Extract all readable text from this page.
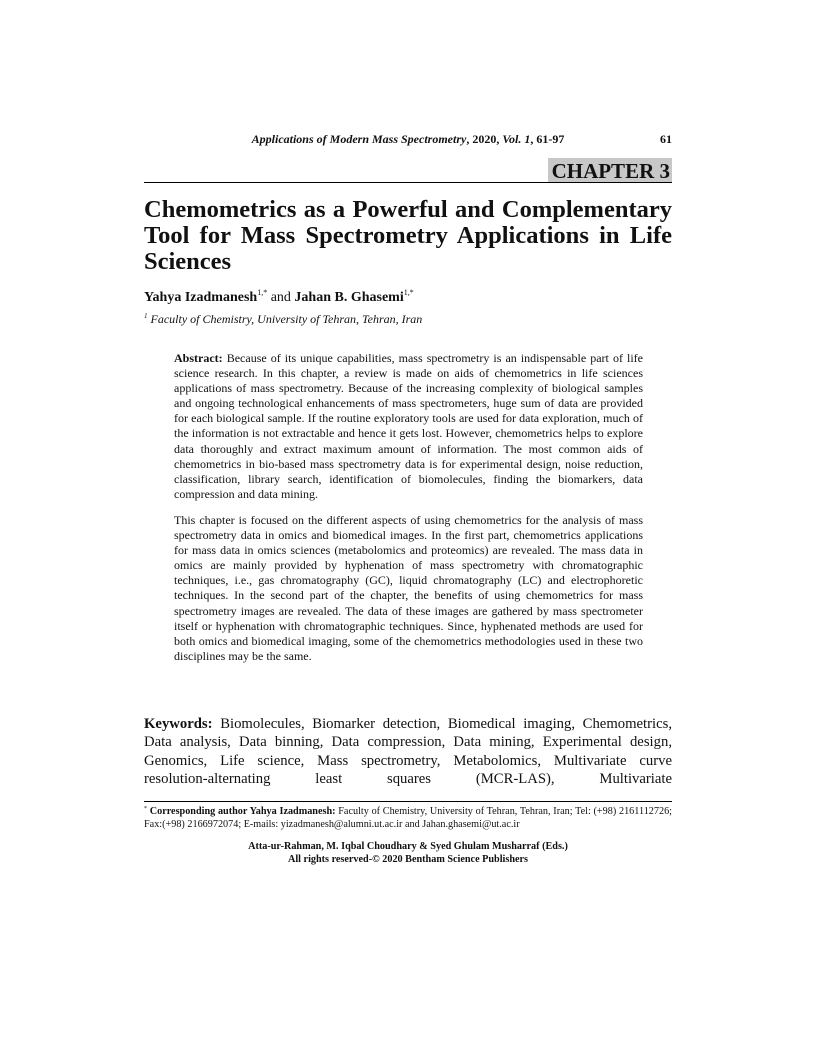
Applications of Modern Mass Spectrometry, 2020, Vol. 1, 61-97	61
CHAPTER 3
Chemometrics as a Powerful and Complementary Tool for Mass Spectrometry Applications in Life Sciences
Yahya Izadmanesh$^{1,*}$ and Jahan B. Ghasemi$^{1,*}$
$^1$ Faculty of Chemistry, University of Tehran, Tehran, Iran

Abstract: Because of its unique capabilities, mass spectrometry is an indispensable part of life science research. In this chapter, a review is made on aids of chemometrics in life sciences applications of mass spectrometry. Because of the increasing complexity of biological samples and ongoing technological enhancements of mass spectrometers, huge sum of data are provided for each biological sample. If the routine exploratory tools are used for data exploration, much of the information is not extractable and hence it gets lost. However, chemometrics helps to explore data thoroughly and extract maximum amount of information. The most common aids of chemometrics in bio-based mass spectrometry data is for experimental design, noise reduction, classification, library search, identification of biomolecules, finding the biomarkers, data compression and data mining.

This chapter is focused on the different aspects of using chemometrics for the analysis of mass spectrometry data in omics and biomedical images. In the first part, chemometrics applications for mass data in omics sciences (metabolomics and proteomics) are revealed. The mass data in omics are mainly provided by hyphenation of mass spectrometry with chromatographic techniques, i.e., gas chromatography (GC), liquid chromatography (LC) and electrophoretic techniques. In the second part of the chapter, the benefits of using chemometrics for mass spectrometry images are revealed. The data of these images are gathered by mass spectrometer itself or hyphenation with chromatographic techniques. Since, hyphenated methods are used for both omics and biomedical imaging, some of the chemometrics methodologies used in these two disciplines may be the same.

Keywords: Biomolecules, Biomarker detection, Biomedical imaging, Chemometrics, Data analysis, Data binning, Data compression, Data mining, Experimental design, Genomics, Life science, Mass spectrometry, Metabolomics, Multivariate curve resolution-alternating least squares (MCR-LAS), Multivariate

* Corresponding author Yahya Izadmanesh: Faculty of Chemistry, University of Tehran, Tehran, Iran; Tel: (+98) 2161112726; Fax:(+98) 2166972074; E-mails: yizadmanesh@alumni.ut.ac.ir and Jahan.ghasemi@ut.ac.ir

Atta-ur-Rahman, M. Iqbal Choudhary & Syed Ghulam Musharraf (Eds.)
All rights reserved-© 2020 Bentham Science Publishers
